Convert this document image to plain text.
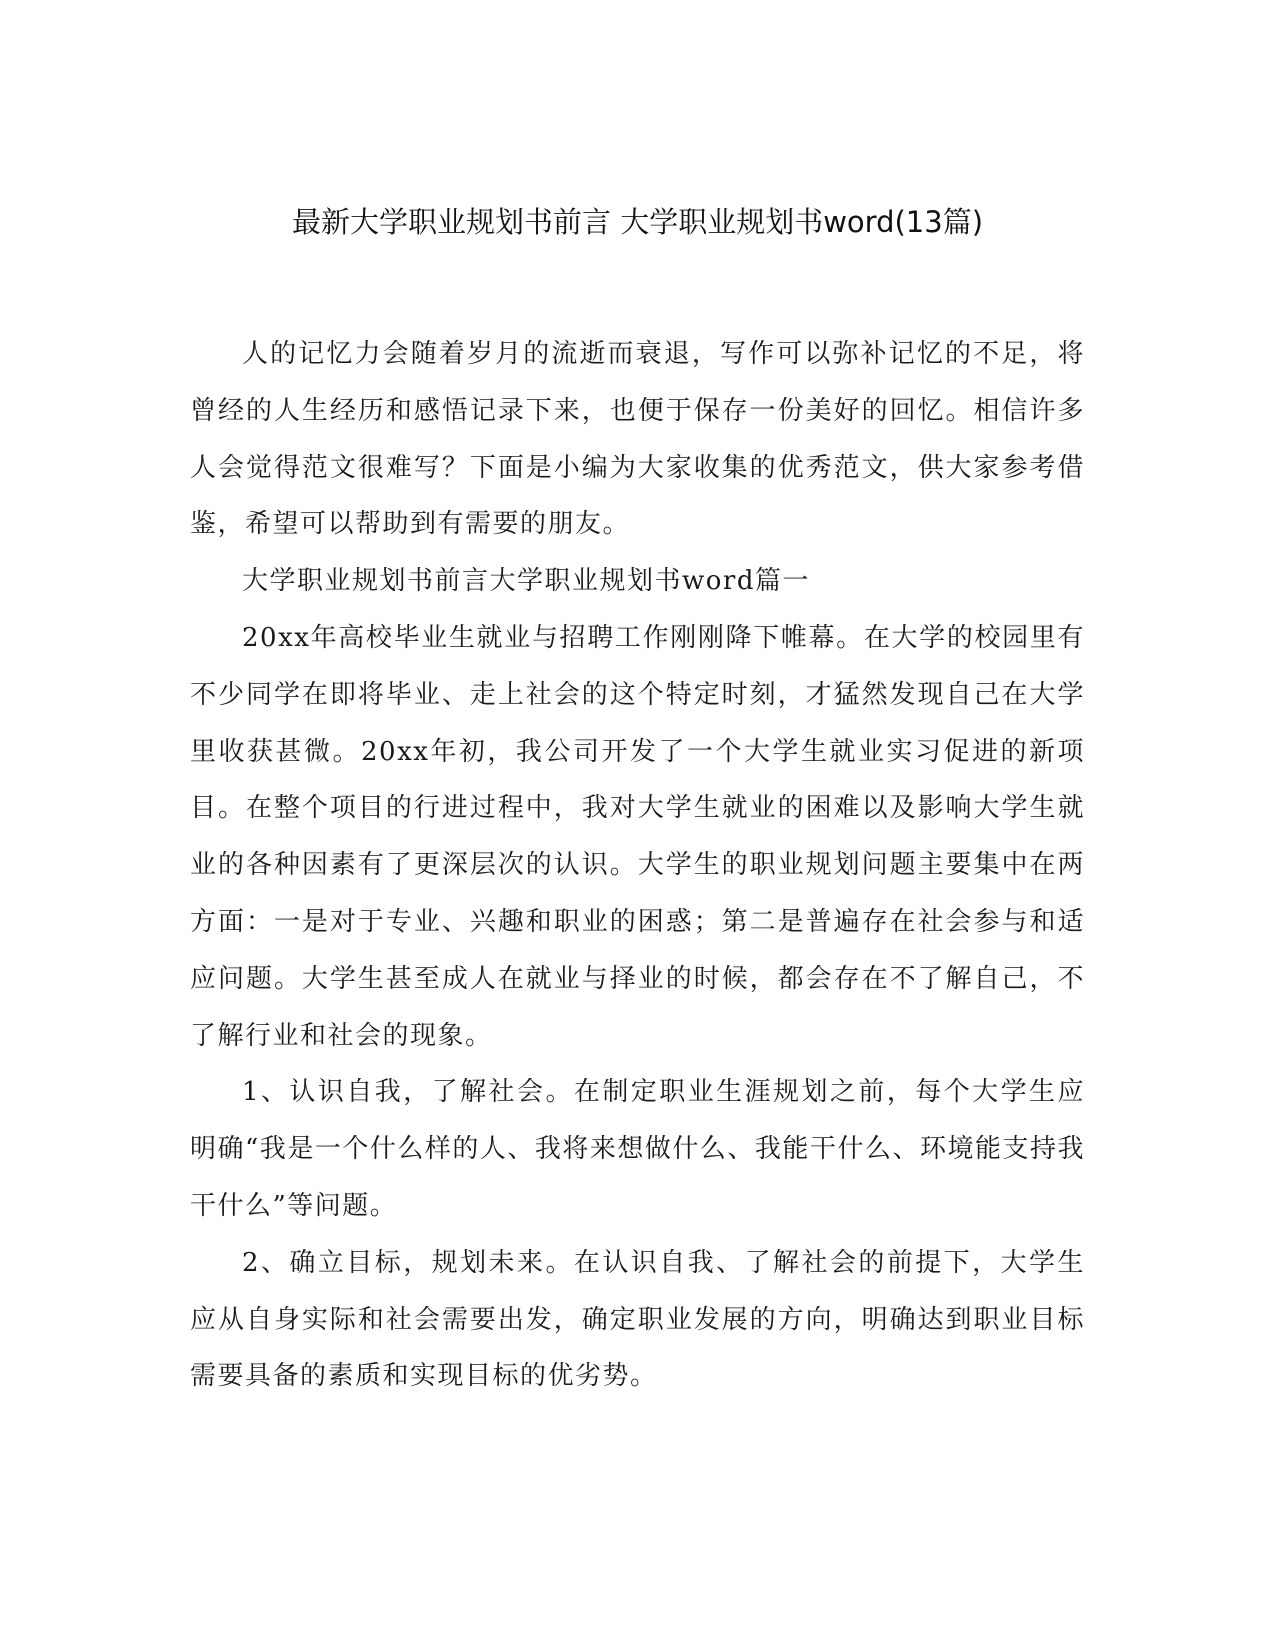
最新大学职业规划书前言 大学职业规划书word(13篇)

人的记忆力会随着岁月的流逝而衰退，写作可以弥补记忆的不足，将曾经的人生经历和感悟记录下来，也便于保存一份美好的回忆。相信许多人会觉得范文很难写？下面是小编为大家收集的优秀范文，供大家参考借鉴，希望可以帮助到有需要的朋友。

大学职业规划书前言大学职业规划书word篇一

20xx年高校毕业生就业与招聘工作刚刚降下帷幕。在大学的校园里有不少同学在即将毕业、走上社会的这个特定时刻，才猛然发现自己在大学里收获甚微。20xx年初，我公司开发了一个大学生就业实习促进的新项目。在整个项目的行进过程中，我对大学生就业的困难以及影响大学生就业的各种因素有了更深层次的认识。大学生的职业规划问题主要集中在两方面：一是对于专业、兴趣和职业的困惑；第二是普遍存在社会参与和适应问题。大学生甚至成人在就业与择业的时候，都会存在不了解自己，不了解行业和社会的现象。

1、认识自我，了解社会。在制定职业生涯规划之前，每个大学生应明确“我是一个什么样的人、我将来想做什么、我能干什么、环境能支持我干什么”等问题。

2、确立目标，规划未来。在认识自我、了解社会的前提下，大学生应从自身实际和社会需要出发，确定职业发展的方向，明确达到职业目标需要具备的素质和实现目标的优劣势。
